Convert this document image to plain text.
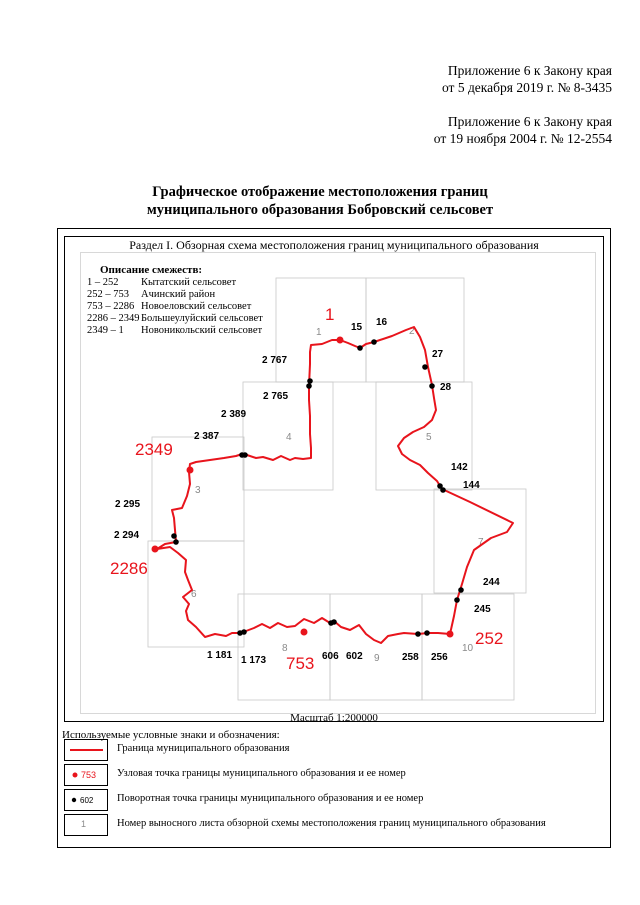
Приложение 6 к Закону края
от 5 декабря 2019 г. № 8-3435
Приложение 6 к Закону края
от 19 ноября 2004 г. № 12-2554
Графическое отображение местоположения границ
муниципального образования Бобровский сельсовет
Раздел I. Обзорная схема местоположения границ муниципального образования
1	2
3
4	5
6
7
8
9
10
15 16
27
28
142
144
244
245
256
258
602
606
1 173
1 181
2 294
2 295
2 387
2 389
2 765
2 767
1
252
753
2286
2349
753
602
1
Описание смежеств:
1 – 252 Кытатский сельсовет
252 – 753 Ачинский район
753 – 2286 Новоеловский сельсовет
2286 – 2349 Большеулуйский сельсовет
2349 – 1 Новоникольский сельсовет
Масштаб 1:200000
Используемые условные знаки и обозначения:
Граница муниципального образования
Узловая точка границы муниципального образования и ее номер
Поворотная точка границы муниципального образования и ее номер
Номер выносного листа обзорной схемы местоположения границ муниципального образования
